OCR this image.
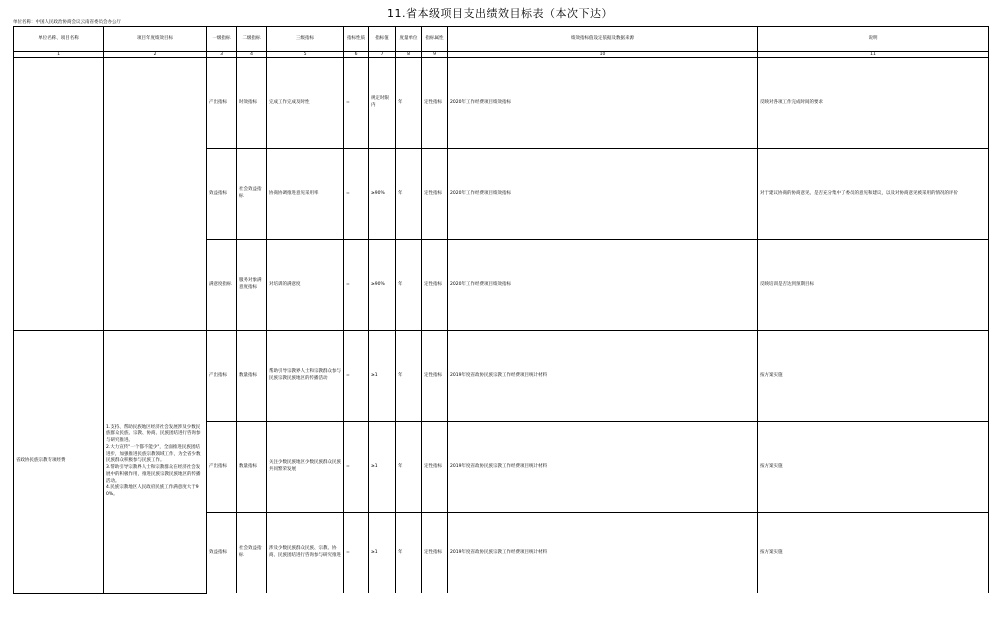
11.省本级项目支出绩效目标表（本次下达）
单位名称：中国人民政治协商会议云南省委员会办公厅
单位名称、项目名称	项目年度绩效目标	一级指标	二级指标	三级指标	指标性质	指标值	度量单位	指标属性	绩效指标值设定依据及数据来源	说明
1	2	3	4	5	6	7	8	9	10	11
		产出指标	时效指标	完成工作完成及时性	=	规定时限内	年	定性指标	2020年工作经费项目绩效指标	反映对各项工作完成时间的要求
		效益指标	社会效益指标	协商协调推进意见采用率	=	≥90%	年	定性指标	2020年工作经费项目绩效指标	对于建议协商的协商意见，是否充分集中了委员的意见和建议，以及对协商意见被采用的情况的评价
		满意度指标	服务对象满意度指标	对培训的满意度	=	≥90%	年	定性指标	2020年工作经费项目绩效指标	反映培训是否达到预期目标
省政协民族宗教专项经费	1.支持、帮助民族地区经济社会发展涉及少数民族群众民族、宗教、协商、民族团结进行咨询参与研究推进。
2.大力宣传"一个都不能少"，全面推进民族团结进步，加强推进民族宗教领域工作，为全省少数民族群众积极参与民族工作。
3.帮助引导宗教界人士和宗教群众在经济社会发展中的积极作用，推进民族宗教民族地区的传播活动。
4.民族宗教地区人民政府民族工作满意度大于90%。	产出指标	数量指标	帮助引导宗教界人士和宗教群众参与民族宗教民族地区的传播活动	=	≥1	年	定性指标	2019年度省政协民族宗教工作经费项目统计材料	按方案实施
		产出指标	数量指标	关注少数民族地区少数民族群众民族共同繁荣发展	=	≥1	年	定性指标	2019年度省政协民族宗教工作经费项目统计材料	按方案实施
		效益指标	社会效益指标	涉及少数民族群众民族、宗教、协商、民族团结进行咨询参与研究推进	=	≥1	年	定性指标	2019年度省政协民族宗教工作经费项目统计材料	按方案实施
